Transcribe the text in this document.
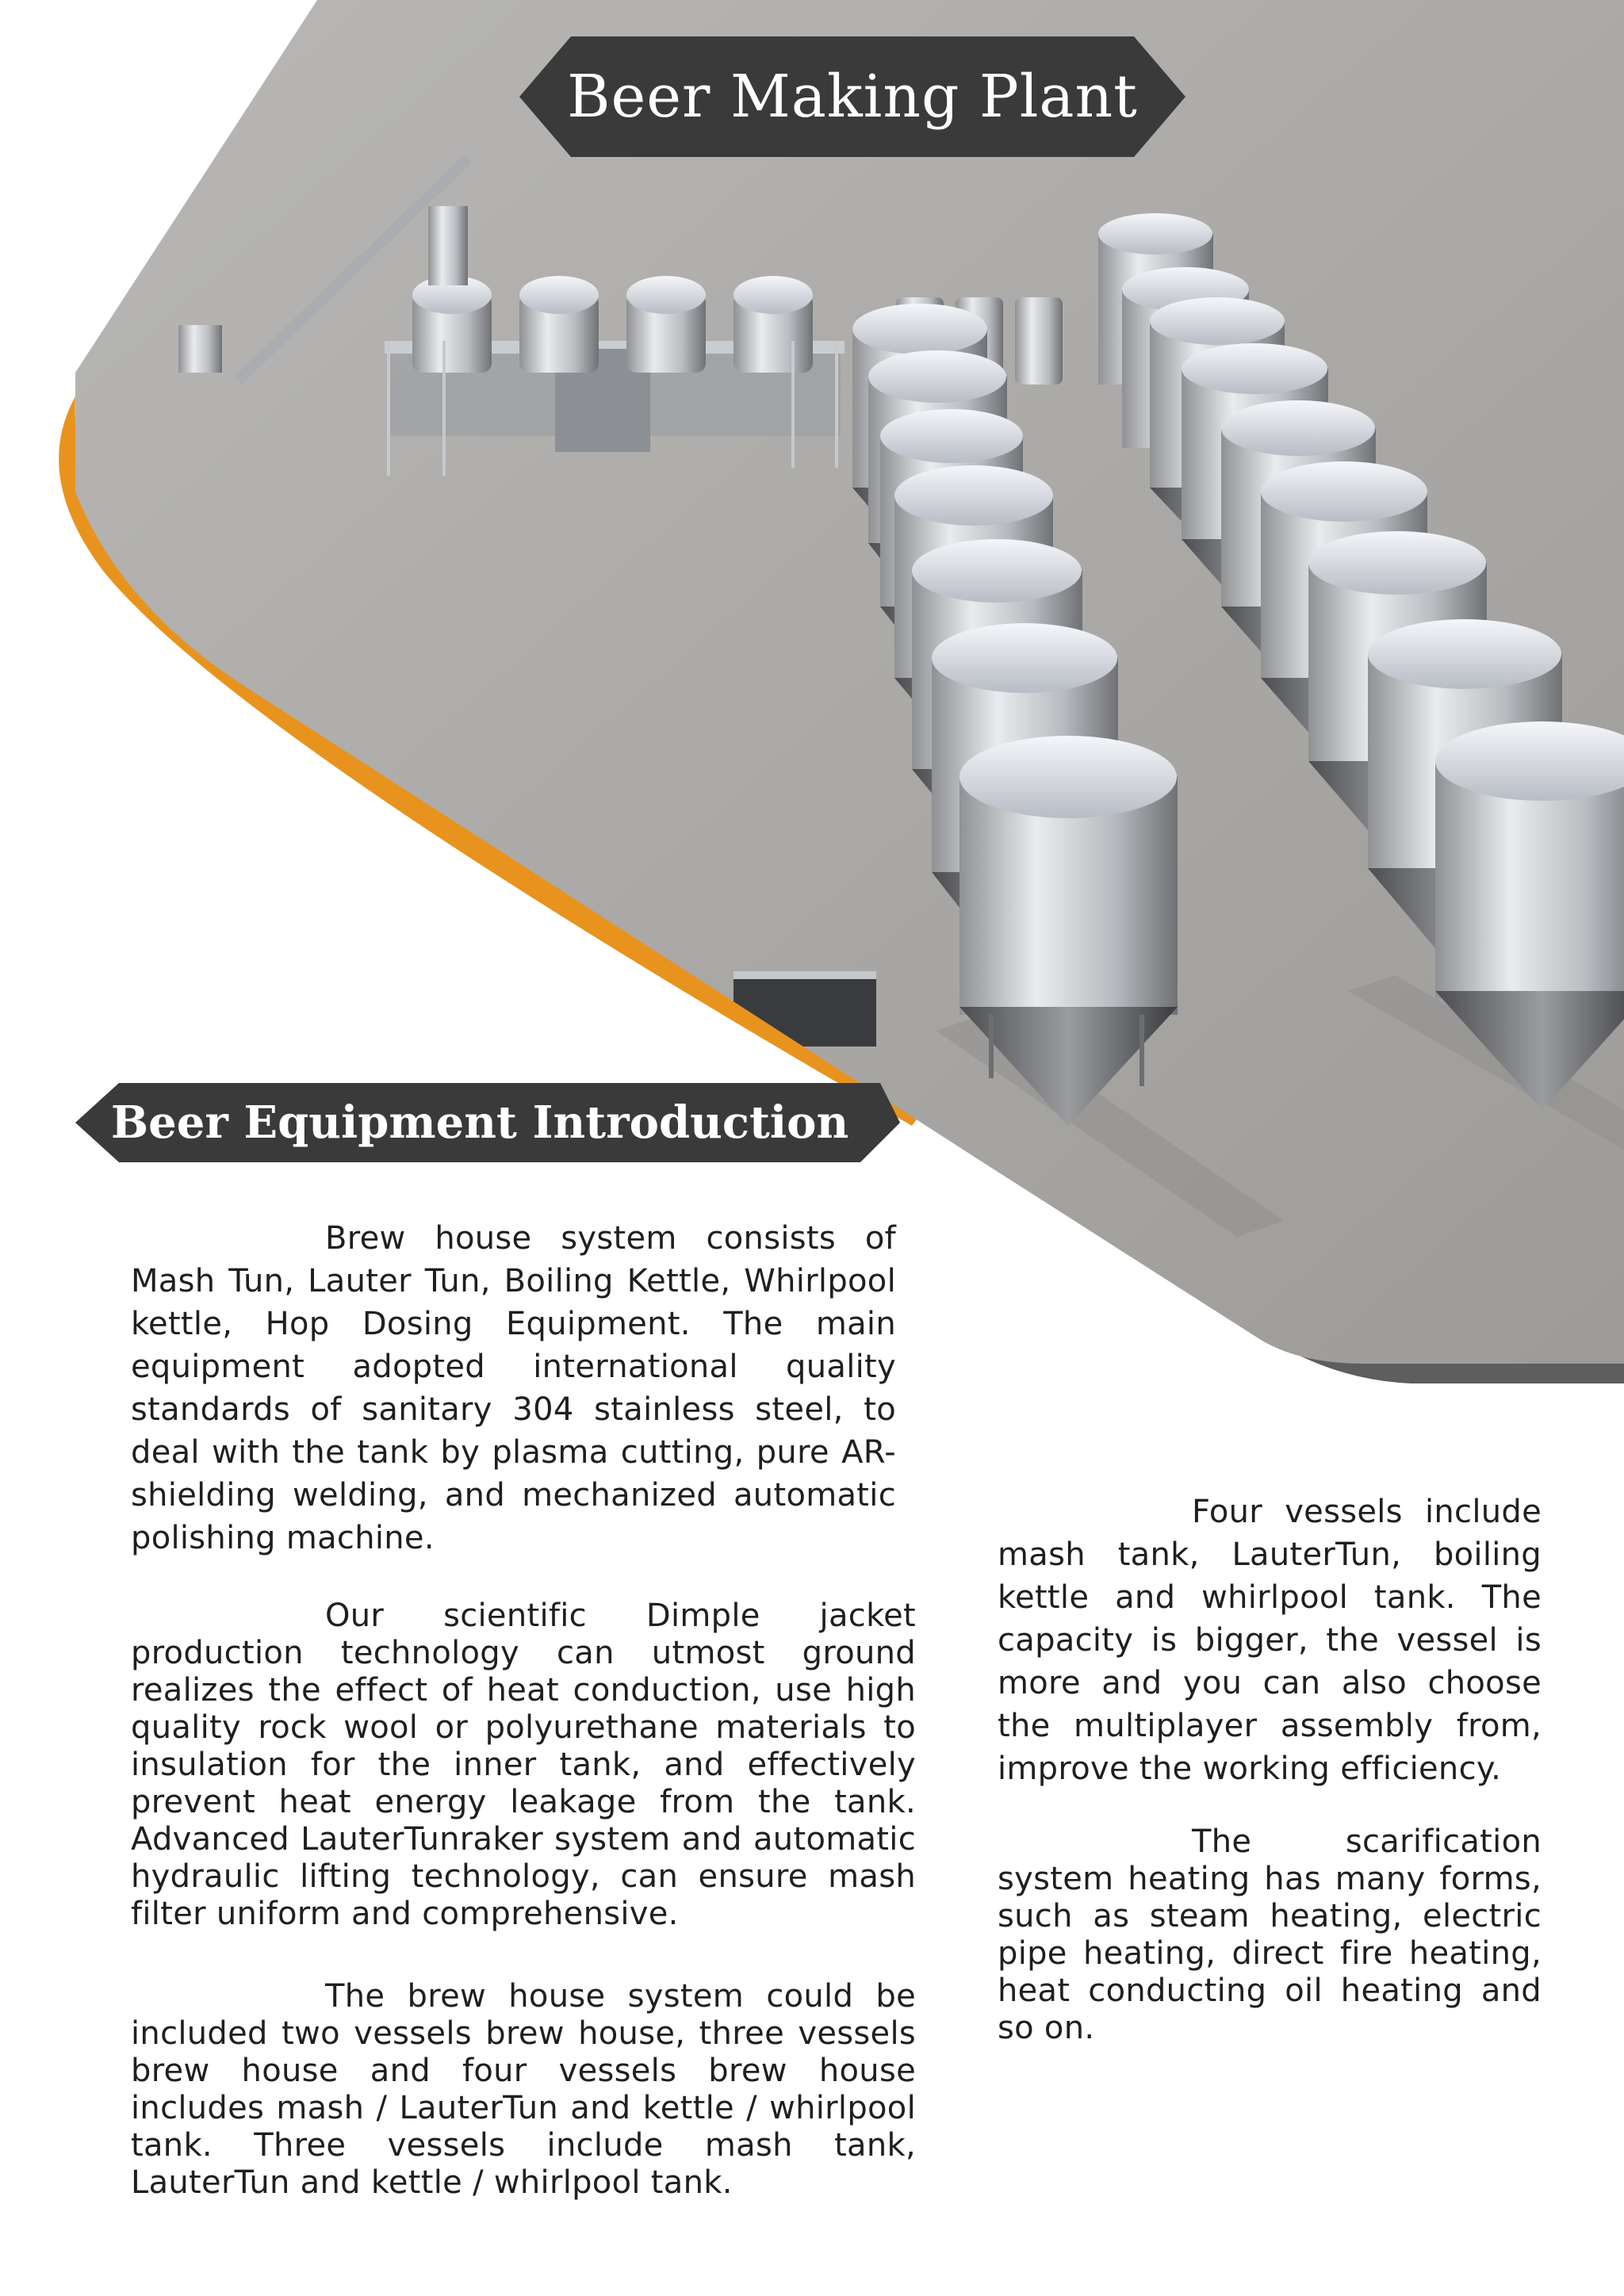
Beer Making Plant
Beer Equipment Introduction

Brew house system consists of Mash Tun, Lauter Tun, Boiling Kettle, Whirlpool kettle, Hop Dosing Equipment. The main equipment adopted international quality standards of sanitary 304 stainless steel, to deal with the tank by plasma cutting, pure AR-shielding welding, and mechanized automatic polishing machine.

Our scientific Dimple jacket production technology can utmost ground realizes the effect of heat conduction, use high quality rock wool or polyurethane materials to insulation for the inner tank, and effectively prevent heat energy leakage from the tank. Advanced LauterTunraker system and automatic hydraulic lifting technology, can ensure mash filter uniform and comprehensive.

The brew house system could be included two vessels brew house, three vessels brew house and four vessels brew house includes mash / LauterTun and kettle / whirlpool tank. Three vessels include mash tank, LauterTun and kettle / whirlpool tank.

Four vessels include mash tank, LauterTun, boiling kettle and whirlpool tank. The capacity is bigger, the vessel is more and you can also choose the multiplayer assembly from, improve the working efficiency.

The scarification system heating has many forms, such as steam heating, electric pipe heating, direct fire heating, heat conducting oil heating and so on.
